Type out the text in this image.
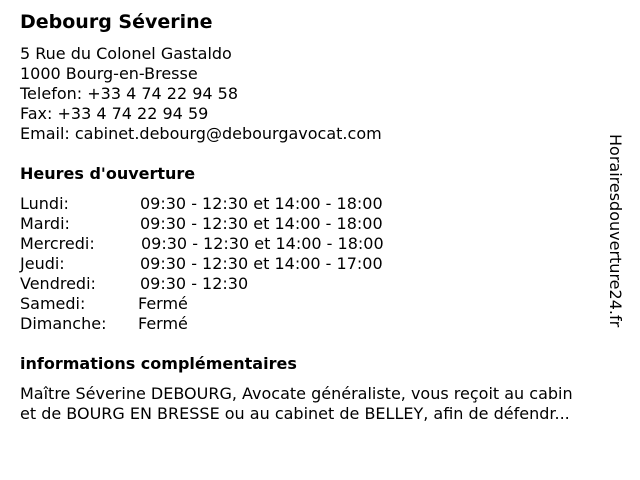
Debourg Séverine
5 Rue du Colonel Gastaldo
1000 Bourg-en-Bresse
Telefon: +33 4 74 22 94 58
Fax: +33 4 74 22 94 59
Email: cabinet.debourg@debourgavocat.com
Heures d'ouverture
Lundi:	09:30 - 12:30 et 14:00 - 18:00
Mardi:	09:30 - 12:30 et 14:00 - 18:00
Mercredi:	09:30 - 12:30 et 14:00 - 18:00
Jeudi:	09:30 - 12:30 et 14:00 - 17:00
Vendredi:	09:30 - 12:30
Samedi:	Fermé
Dimanche: Fermé
informations complémentaires
Maître Séverine DEBOURG, Avocate généraliste, vous reçoit au cabin
et de BOURG EN BRESSE ou au cabinet de BELLEY, afin de défendr...
Horairesdouverture24.fr
